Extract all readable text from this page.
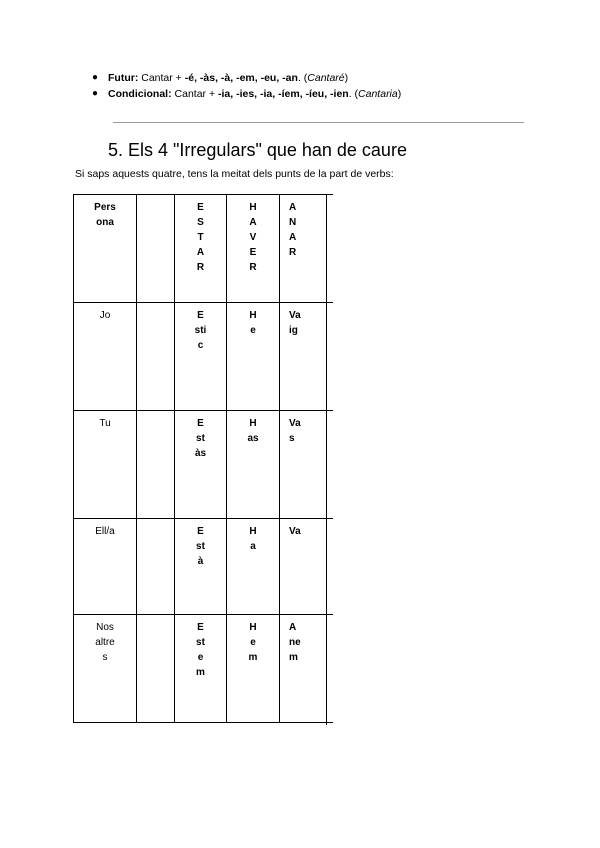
● Futur: Cantar + -é, -às, -à, -em, -eu, -an. (Cantaré)
● Condicional: Cantar + -ia, -ies, -ia, -íem, -íeu, -ien. (Cantaria)
5. Els 4 "Irregulars" que han de caure
Si saps aquests quatre, tens la meitat dels punts de la part de verbs:
Persona		ESTAR	HAVER	ANAR

Jo		Estic	He	Vaig

Tu		Estàs	Has	Vas

Ell/a		Està	Ha	Va

Nosaltres		Estem	Hem	Anem
